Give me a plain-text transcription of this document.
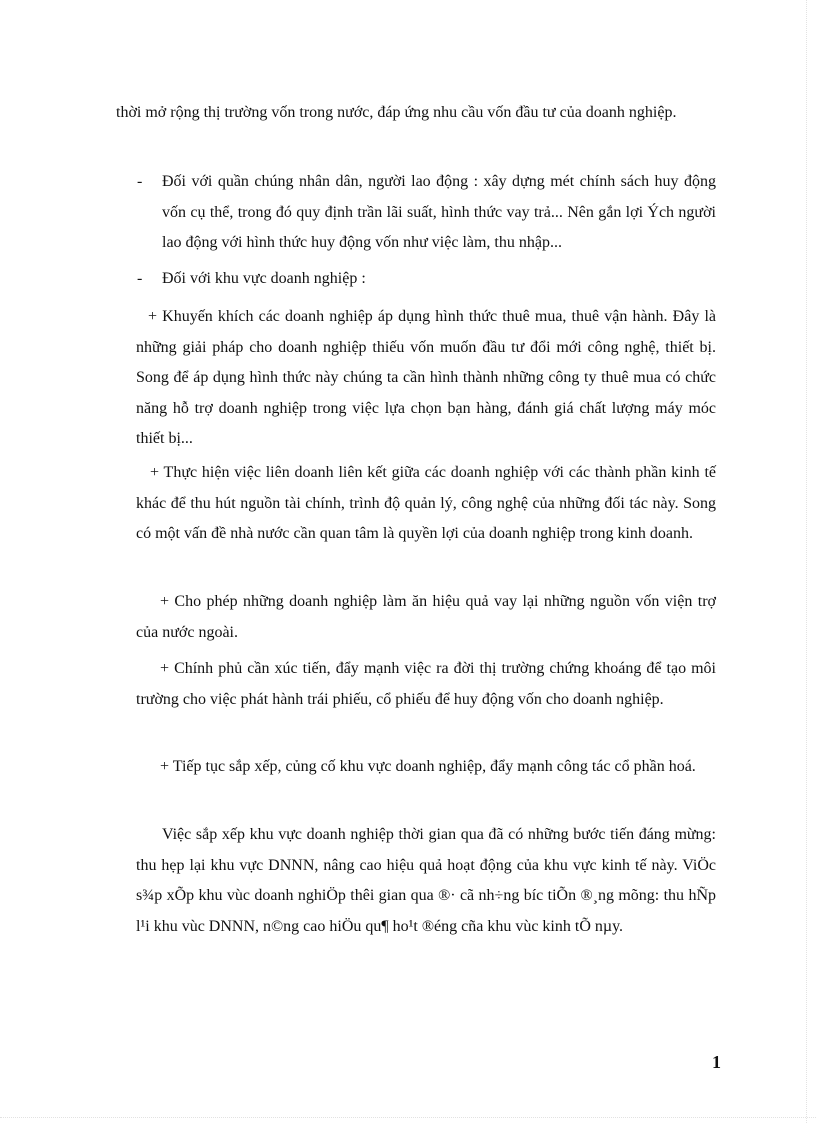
thời mở rộng thị trường vốn trong nước, đáp ứng nhu cầu vốn đầu tư của doanh nghiệp.

-	Đối với quần chúng nhân dân, người lao động : xây dựng mét chính sách huy động vốn cụ thể, trong đó quy định trần lãi suất, hình thức vay trả... Nên gắn lợi Ých người lao động với hình thức huy động vốn như việc làm, thu nhập...

-	Đối với khu vực doanh nghiệp :

+ Khuyến khích các doanh nghiệp áp dụng hình thức thuê mua, thuê vận hành. Đây là những giải pháp cho doanh nghiệp thiếu vốn muốn đầu tư đổi mới công nghệ, thiết bị. Song để áp dụng hình thức này chúng ta cần hình thành những công ty thuê mua có chức năng hỗ trợ doanh nghiệp trong việc lựa chọn bạn hàng, đánh giá chất lượng máy móc thiết bị...

+ Thực hiện việc liên doanh liên kết giữa các doanh nghiệp với các thành phần kinh tế khác để thu hút nguồn tài chính, trình độ quản lý, công nghệ của những đối tác này. Song có một vấn đề nhà nước cần quan tâm là quyền lợi của doanh nghiệp trong kinh doanh.

+ Cho phép những doanh nghiệp làm ăn hiệu quả vay lại những nguồn vốn viện trợ của nước ngoài.

+ Chính phủ cần xúc tiến, đẩy mạnh việc ra đời thị trường chứng khoáng để tạo môi trường cho việc phát hành trái phiếu, cổ phiếu để huy động vốn cho doanh nghiệp.

+ Tiếp tục sắp xếp, củng cố khu vực doanh nghiệp, đẩy mạnh công tác cổ phần hoá.

Việc sắp xếp khu vực doanh nghiệp thời gian qua đã có những bước tiến đáng mừng: thu hẹp lại khu vực DNNN, nâng cao hiệu quả hoạt động của khu vực kinh tế này. ViÖc s¾p xÕp khu vùc doanh nghiÖp thêi gian qua ®· cã nh÷ng bíc tiÕn ®¸ng mõng: thu hÑp l¹i khu vùc DNNN, n©ng cao hiÖu qu¶ ho¹t ®éng cña khu vùc kinh tÕ nµy.

1
